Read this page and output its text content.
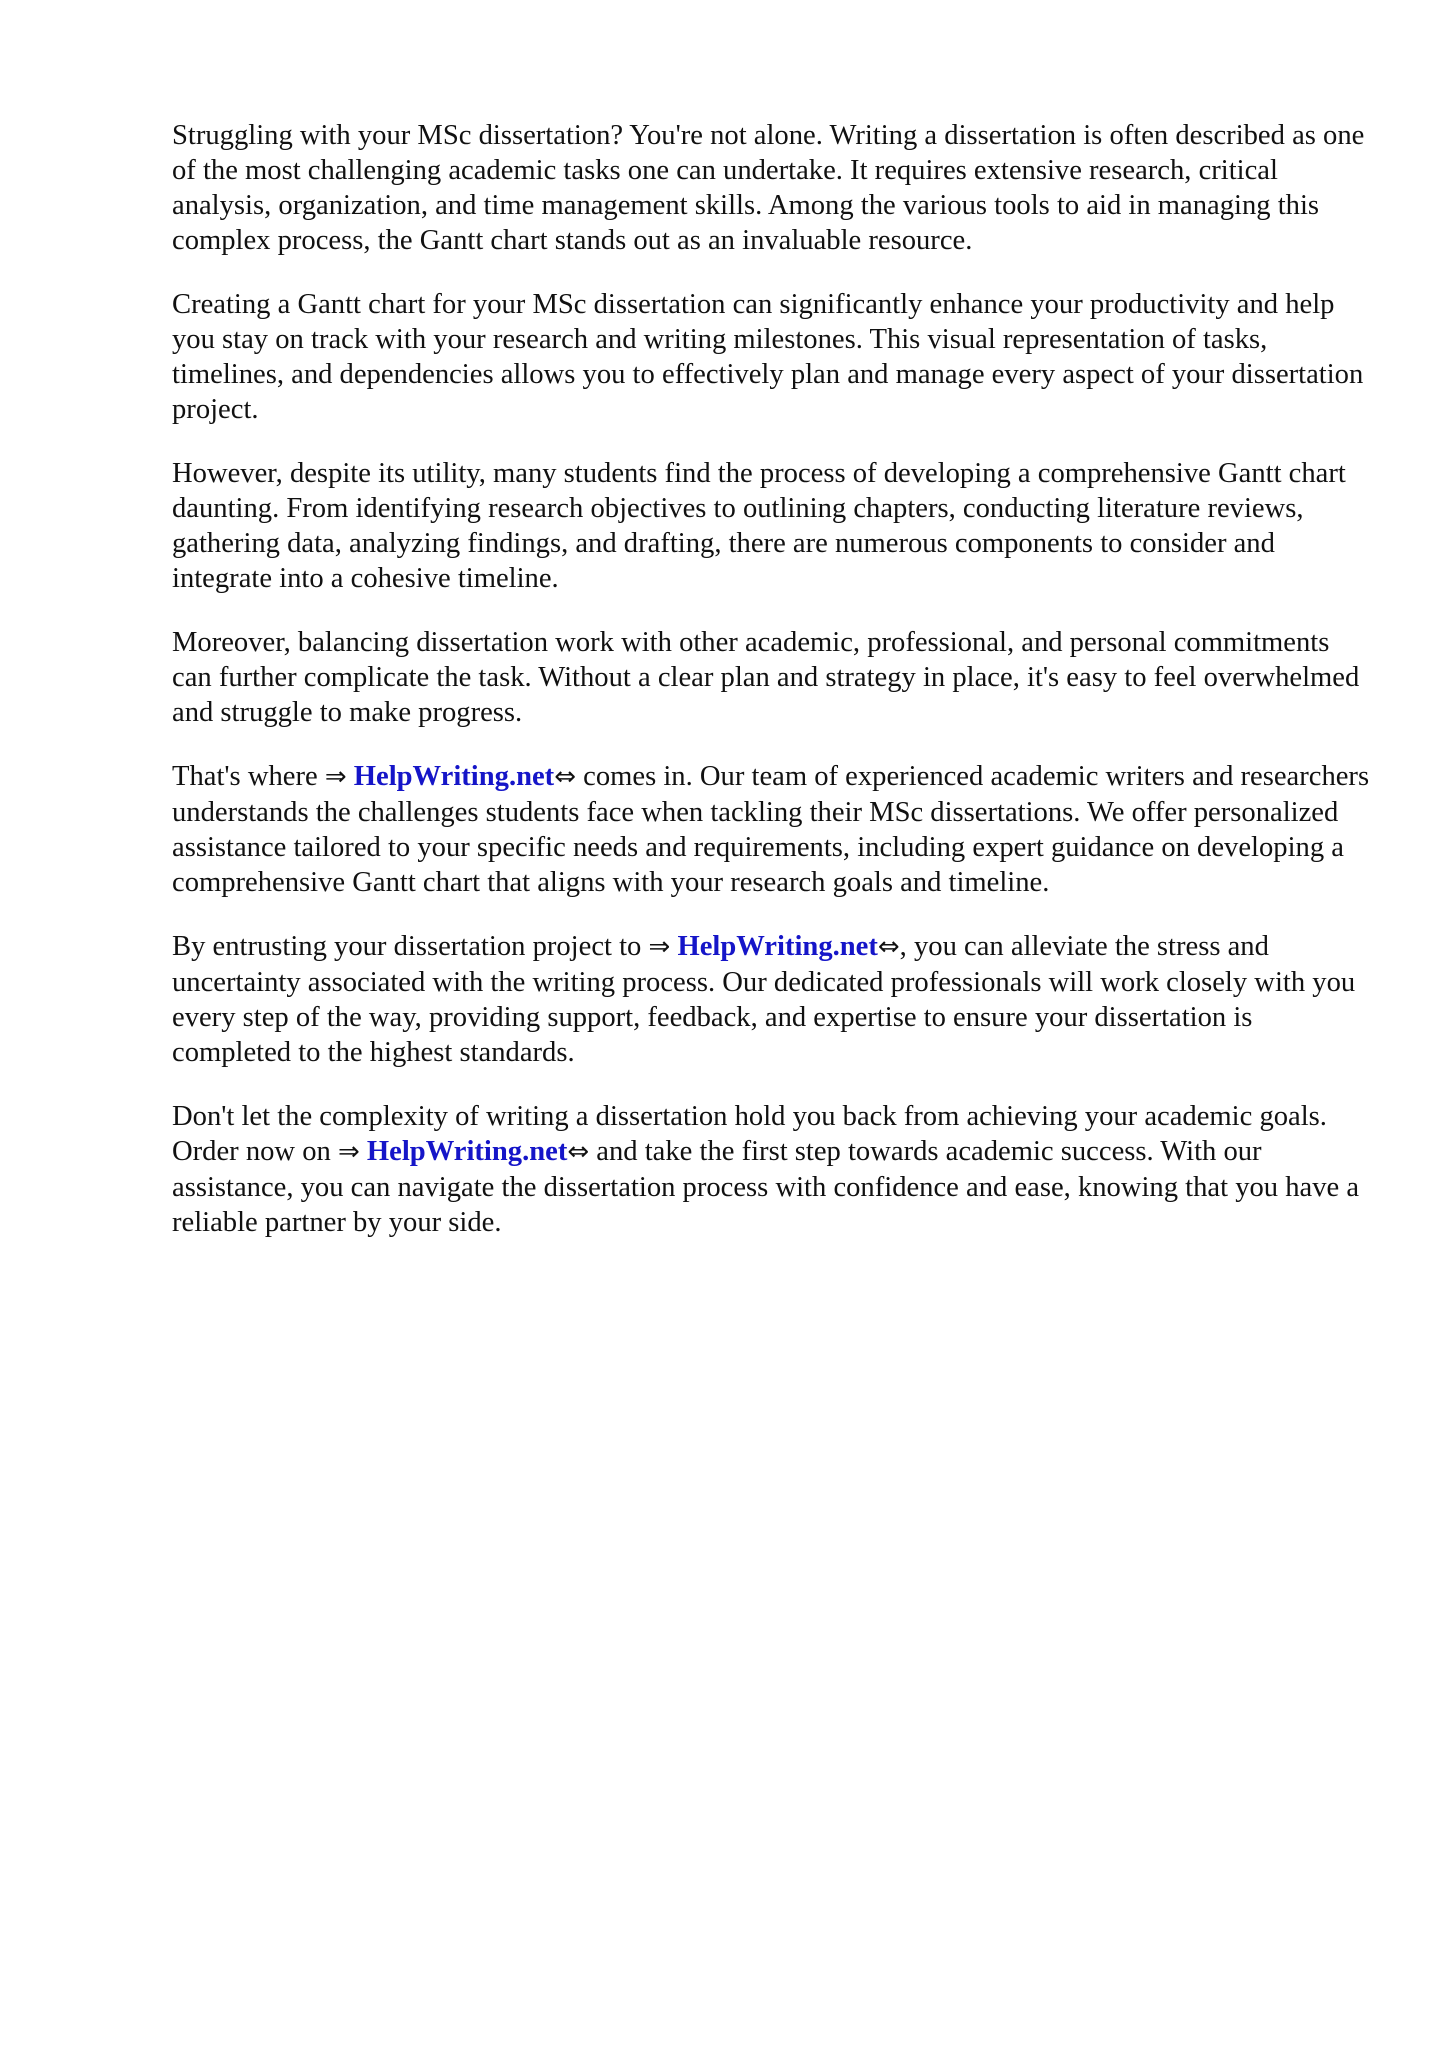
Struggling with your MSc dissertation? You're not alone. Writing a dissertation is often described as one of the most challenging academic tasks one can undertake. It requires extensive research, critical analysis, organization, and time management skills. Among the various tools to aid in managing this complex process, the Gantt chart stands out as an invaluable resource.

Creating a Gantt chart for your MSc dissertation can significantly enhance your productivity and help you stay on track with your research and writing milestones. This visual representation of tasks, timelines, and dependencies allows you to effectively plan and manage every aspect of your dissertation project.

However, despite its utility, many students find the process of developing a comprehensive Gantt chart daunting. From identifying research objectives to outlining chapters, conducting literature reviews, gathering data, analyzing findings, and drafting, there are numerous components to consider and integrate into a cohesive timeline.

Moreover, balancing dissertation work with other academic, professional, and personal commitments can further complicate the task. Without a clear plan and strategy in place, it's easy to feel overwhelmed and struggle to make progress.

That's where ⇒ HelpWriting.net⇔ comes in. Our team of experienced academic writers and researchers understands the challenges students face when tackling their MSc dissertations. We offer personalized assistance tailored to your specific needs and requirements, including expert guidance on developing a comprehensive Gantt chart that aligns with your research goals and timeline.

By entrusting your dissertation project to ⇒ HelpWriting.net⇔, you can alleviate the stress and uncertainty associated with the writing process. Our dedicated professionals will work closely with you every step of the way, providing support, feedback, and expertise to ensure your dissertation is completed to the highest standards.

Don't let the complexity of writing a dissertation hold you back from achieving your academic goals. Order now on ⇒ HelpWriting.net⇔ and take the first step towards academic success. With our assistance, you can navigate the dissertation process with confidence and ease, knowing that you have a reliable partner by your side.
